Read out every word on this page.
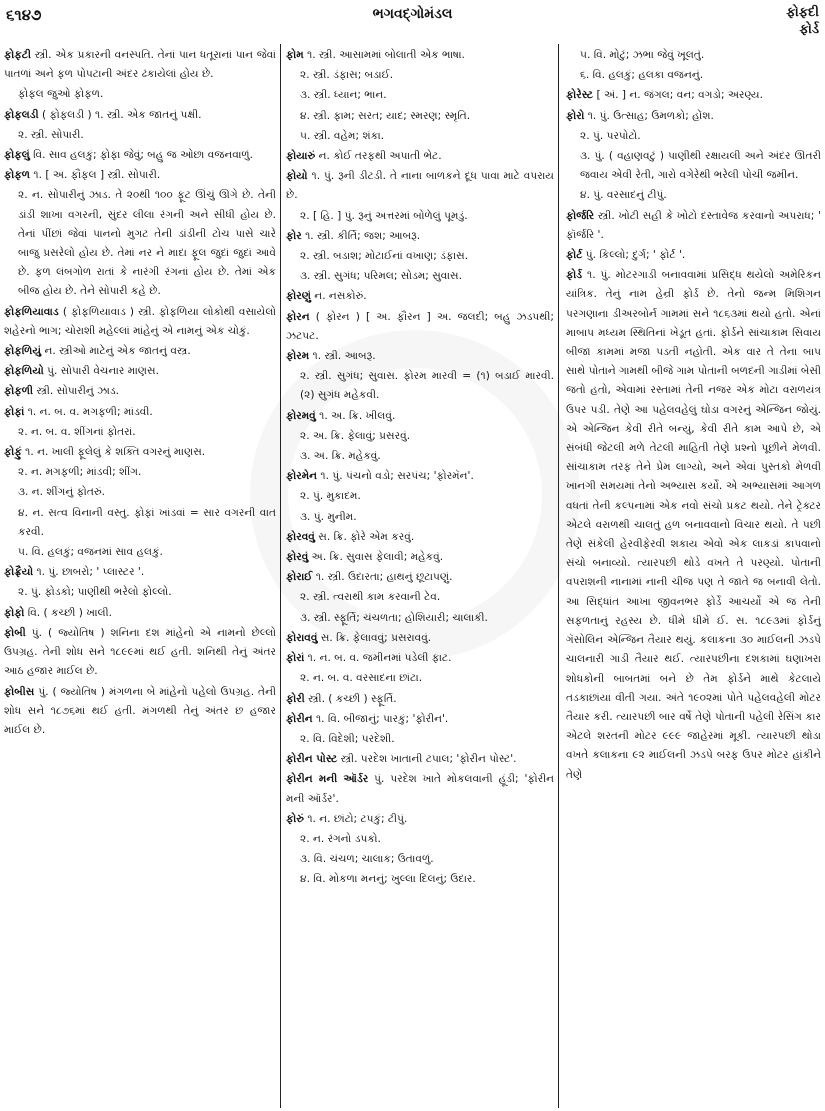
૬૧૪૭	ભગવદ્‌ગોમંડલ	ફોફદી
ફોર્ડ
ફોફટી સ્ત્રી. એક પ્રકારની વનસ્પતિ. તેનાં પાન ધતૂરાનાં પાન જેવાં પાતળાં અને ફળ પોપટાની અંદર ઢંકાયેલાં હોય છે.
ફોફલ જુઓ ફોફળ.
ફોફલડી ( ફોફલડી ) ૧. સ્ત્રી. એક જાતનું પક્ષી.
૨. સ્ત્રી. સોપારી.
ફોફલું વિ. સાવ હલકું; ફોફા જેવું; બહુ જ ઓછા વજનવાળું.
ફોફળ ૧. [ અ. ફૌફલ ] સ્ત્રી. સોપારી.
૨. ન. સોપારીનું ઝાડ. તે ૨૦થી ૧૦૦ ફૂટ ઊંચું ઊગે છે. તેની ડાંડી શાખા વગરની, સુંદર લીલા રંગની અને સીધી હોય છે. તેનાં પીંછાં જેવાં પાનનો મુગટ તેની ડાંડીની ટોચ પાસે ચારે બાજુ પ્રસરેલો હોય છે. તેમાં નર ને માદા ફૂલ જુદાં જુદાં આવે છે. ફળ લંબગોળ રાતાં કે નારંગી રંગનાં હોય છે. તેમાં એક બીજ હોય છે. તેને સોપારી કહે છે.
ફોફળિયાવાડ ( ફોફળિયાવાડ ) સ્ત્રી. ફોફળિયા લોકોથી વસાયેલો શહેરનો ભાગ; ચોરાશી મહેલ્લાં માંહેનું એ નામનું એક ચોકું.
ફોફળિયું ન. સ્ત્રીઓ માટેનું એક જાતનું વસ્ત્ર.
ફોફળિયો પું. સોપારી વેચનાર માણસ.
ફોફળી સ્ત્રી. સોપારીનું ઝાડ.
ફોફાં ૧. ન. બ. વ. મગફળી; માંડવી.
૨. ન. બ. વ. શીંગનાં ફોતરાં.
ફોફું ૧. ન. ખાલી ફૂલેલું કે શક્તિ વગરનું માણસ.
૨. ન. મગફળી; માંડવી; શીંગ.
૩. ન. શીંગનું ફોતરું.
૪. ન. સત્વ વિનાની વસ્તુ. ફોફાં ખાંડવાં = સાર વગરની વાત કરવી.
૫. વિ. હલકું; વજનમાં સાવ હલકું.
ફોફ્રૈયો ૧. પું. છાબરો; ' પ્લાસ્ટર '.
૨. પું. ફોડકો; પાણીથી ભરેલો ફોલ્લો.
ફોફો વિ. ( કચ્છી ) ખાલી.
ફોબી પું. ( જ્યોતિષ ) શનિના દશ માંહેનો એ નામનો છેલ્લો ઉપગ્રહ. તેની શોધ સને ૧૮૯૯માં થઈ હતી. શનિથી તેનું અંતર આઠ હજાર માઈલ છે.
ફોબીસ પું. ( જ્યોતિષ ) મંગળના બે માંહેનો પહેલો ઉપગ્રહ. તેની શોધ સને ૧૮૭૬માં થઈ હતી. મંગળથી તેનું અંતર છ હજાર માઈલ છે.
ફોમ ૧. સ્ત્રી. આસામમાં બોલાતી એક ભાષા.
૨. સ્ત્રી. ડંફાસ; બડાઈ.
૩. સ્ત્રી. ધ્યાન; ભાન.
૪. સ્ત્રી. ફામ; સરત; યાદ; સ્મરણ; સ્મૃતિ.
૫. સ્ત્રી. વહેમ; શંકા.
ફોયારું ન. કોઈ તરફથી અપાતી ભેટ.
ફોયો ૧. પું. રૂની ડીટડી. તે નાના બાળકને દૂધ પાવા માટે વપરાય છે.
૨. [ હિ. ] પું. રૂનું અત્તરમાં બોળેલું પૂમડું.
ફોર ૧. સ્ત્રી. કીર્તિ; જશ; આબરૂ.
૨. સ્ત્રી. બડાશ; મોટાઈનાં વખાણ; ડંફાસ.
૩. સ્ત્રી. સુગંધ; પરિમલ; સોડમ; સુવાસ.
ફોરણું ન. નસકોરું.
ફોરન ( ફોરન ) [ અ. ફૌરન ] અ. જલદી; બહુ ઝડપથી; ઝટપટ.
ફોરમ ૧. સ્ત્રી. આબરૂ.
૨. સ્ત્રી. સુગંધ; સુવાસ. ફોરમ મારવી = (૧) બડાઈ મારવી. (૨) સુગંધ મહેકવી.
ફોરમવું ૧. અ. ક્રિ. ખીલવું.
૨. અ. ક્રિ. ફેલાવું; પ્રસરવું.
૩. અ. ક્રિ. મહેકવું.
ફોરમેન ૧. પું. પંચનો વડો; સરપંચ; 'ફોરમૅન'.
૨. પું. મુકાદમ.
૩. પું. મુનીમ.
ફોરવવું સ. ક્રિ. ફોરે એમ કરવું.
ફોરવું અ. ક્રિ. સુવાસ ફેલાવી; મહેકવું.
ફોરાઈ ૧. સ્ત્રી. ઉદારતા; હાથનું છૂટાપણું.
૨. સ્ત્રી. ત્વરાથી કામ કરવાની ટેવ.
૩. સ્ત્રી. સ્ફૂર્તિ; ચંચળતા; હોશિયારી; ચાલાકી.
ફોરાવવું સ. ક્રિ. ફેલાવવું; પ્રસરાવવું.
ફોરાં ૧. ન. બ. વ. જમીનમાં પડેલી ફાટ.
૨. ન. બ. વ. વરસાદના છાંટા.
ફોરી સ્ત્રી. ( કચ્છી ) સ્ફૂર્તિ.
ફોરીન ૧. વિ. બીજાનું; પારકું; 'ફોરીન'.
૨. વિ. વિદેશી; પરદેશી.
ફોરીન પોસ્ટ સ્ત્રી. પરદેશ ખાતાની ટપાલ; 'ફોરીન પોસ્ટ'.
ફોરીન મની ઑર્ડર પું. પરદેશ ખાતે મોકલવાની હૂંડી; 'ફોરીન મની ઑર્ડર'.
ફોરું ૧. ન. છાંટો; ટપકું; ટીપું.
૨. ન. રંગનો ડપકો.
૩. વિ. ચંચળ; ચાલાક; ઉતાવળું.
૪. વિ. મોકળા મનનું; ખુલ્લા દિલનું; ઉદાર.
૫. વિ. મોટું; ઝભા જેવું ખૂલતું.
૬. વિ. હલકું; હલકા વજનનું.
ફોરેસ્ટ [ અં. ] ન. જંગલ; વન; વગડો; અરણ્ય.
ફોરો ૧. પું. ઉત્સાહ; ઉમળકો; હોંશ.
૨. પું. પરપોટો.
૩. પું. ( વહાણવટું ) પાણીથી રક્ષાયલી અને અંદર ઊતરી જવાય એવી રેતી, ગારો વગેરેથી ભરેલી પોચી જમીન.
૪. પું. વરસાદનું ટીપું.
ફોર્જરિ સ્ત્રી. ખોટી સહી કે ખોટો દસ્તાવેજ કરવાનો અપરાધ; ' ફૉર્જરિ '.
ફોર્ટ પું. કિલ્લો; દુર્ગ; ' ફોર્ટ '.
ફોર્ડ ૧. પું. મોટરગાડી બનાવવામાં પ્રસિદ્ધ થયેલો અમેરિકન યાંત્રિક. તેનું નામ હેન્રી ફોર્ડ છે. તેનો જન્મ મિશિગન પરગણાના ડીઅરબોર્ન ગામમાં સને ૧૮૬૩માં થયો હતો. એનાં માબાપ મધ્યમ સ્થિતિનાં ખેડૂત હતાં. ફોર્ડને સાંચાકામ સિવાય બીજા કામમાં મજા પડતી નહોતી. એક વાર તે તેના બાપ સાથે પોતાને ગામથી બીજે ગામ પોતાની બળદની ગાડીમાં બેસી જતો હતો, એવામાં રસ્તામાં તેની નજર એક મોટા વરાળયંત્ર ઉપર પડી. તેણે આ પહેલવહેલું ઘોડા વગરનું એન્જિન જોયું. એ એન્જિન કેવી રીતે બન્યું, કેવી રીતે કામ આપે છે, એ સંબંધી જેટલી મળે તેટલી માહિતી તેણે પ્રશ્નો પૂછીને મેળવી. સાંચાકામ તરફ તેને પ્રેમ લાગ્યો, અને એવાં પુસ્તકો મેળવી ખાનગી સમયમાં તેનો અભ્યાસ કર્યો. એ અભ્યાસમાં આગળ વધતાં તેની કલ્પનામાં એક નવો સંચો પ્રકટ થયો. તેને ટ્રેક્ટર એટલે વરાળથી ચાલતું હળ બનાવવાનો વિચાર થયો. તે પછી તેણે સંકેલી હેરવીફેરવી શકાય એવો એક લાકડાં કાપવાનો સંચો બનાવ્યો. ત્યારપછી થોડે વખતે તે પરણ્યો. પોતાની વપરાશની નાનામાં નાની ચીજ પણ તે જાતે જ બનાવી લેતો. આ સિદ્ધાંત આખા જીવનભર ફોર્ડે આચર્યો એ જ તેની સફળતાનું રહસ્ય છે. ધીમે ધીમે ઈ. સ. ૧૮૯૩માં ફોર્ડનું ગૅસોલિન એન્જિન તૈયાર થયું. કલાકના ૩૦ માઈલની ઝડપે ચાલનારી ગાડી તૈયાર થઈ. ત્યારપછીના દશકામાં ઘણાખરા શોધકોની બાબતમાં બને છે તેમ ફોર્ડને માથે કેટલાયે તડકાછાંયા વીતી ગયા. અંતે ૧૯૦૨માં પોતે પહેલવહેલી મોટર તૈયાર કરી. ત્યારપછી બાર વર્ષે તેણે પોતાની પહેલી રેસિંગ કાર એટલે શરતની મોટર ૯૯૯ જાહેરમાં મૂકી. ત્યારપછી થોડા વખતે કલાકના ૯૨ માઈલની ઝડપે બરફ ઉપર મોટર હાંકીને તેણે
